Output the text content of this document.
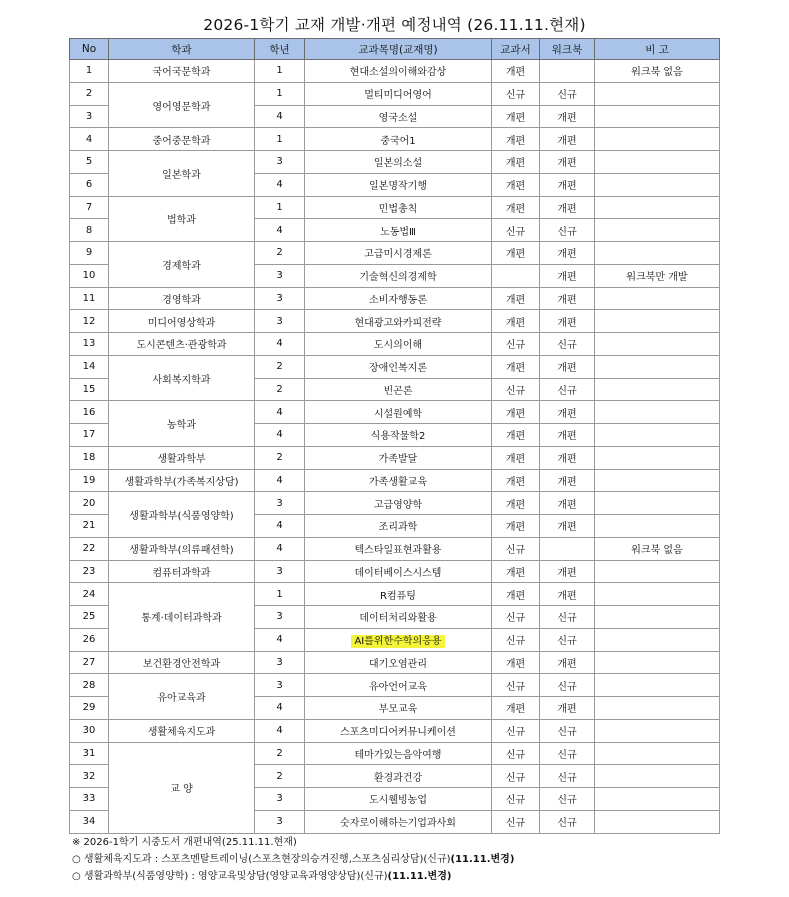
2026-1학기 교재 개발·개편 예정내역 (26.11.11.현재)
No	학과	학년	교과목명(교재명)	교과서	워크북	비 고
1	국어국문학과	1	현대소설의이해와감상	개편		워크북 없음
2	영어영문학과	1	멀티미디어영어	신규	신규	
3		4	영국소설	개편	개편	
4	중어중문학과	1	중국어1	개편	개편	
5	일본학과	3	일본의소설	개편	개편	
6		4	일본명작기행	개편	개편	
7	법학과	1	민법총칙	개편	개편	
8		4	노동법Ⅲ	신규	신규	
9	경제학과	2	고급미시경제론	개편	개편	
10		3	기술혁신의경제학		개편	워크북만 개발
11	경영학과	3	소비자행동론	개편	개편	
12	미디어영상학과	3	현대광고와카피전략	개편	개편	
13	도시콘텐츠·관광학과	4	도시의이해	신규	신규	
14	사회복지학과	2	장애인복지론	개편	개편	
15		2	빈곤론	신규	신규	
16	농학과	4	시설원예학	개편	개편	
17		4	식용작물학2	개편	개편	
18	생활과학부	2	가족발달	개편	개편	
19	생활과학부(가족복지상담)	4	가족생활교육	개편	개편	
20	생활과학부(식품영양학)	3	고급영양학	개편	개편	
21		4	조리과학	개편	개편	
22	생활과학부(의류패션학)	4	텍스타일표현과활용	신규		워크북 없음
23	컴퓨터과학과	3	데이터베이스시스템	개편	개편	
24	통계·데이터과학과	1	R컴퓨팅	개편	개편	
25		3	데이터처리와활용	신규	신규	
26		4	AI를위한수학의응용	신규	신규	
27	보건환경안전학과	3	대기오염관리	개편	개편	
28	유아교육과	3	유아언어교육	신규	신규	
29		4	부모교육	개편	개편	
30	생활체육지도과	4	스포츠미디어커뮤니케이션	신규	신규	
31	교 양	2	테마가있는음악여행	신규	신규	
32		2	환경과건강	신규	신규	
33		3	도시웰빙농업	신규	신규	
34		3	숫자로이해하는기업과사회	신규	신규	
※ 2026-1학기 시중도서 개편내역(25.11.11.현재)
○ 생활체육지도과 : 스포츠멘탈트레이닝(스포츠현장의승겨진행,스포츠심리상담)(신규)(11.11.변경)
○ 생활과학부(식품영양학) : 영양교육및상담(영양교육과영양상담)(신규)(11.11.변경)
